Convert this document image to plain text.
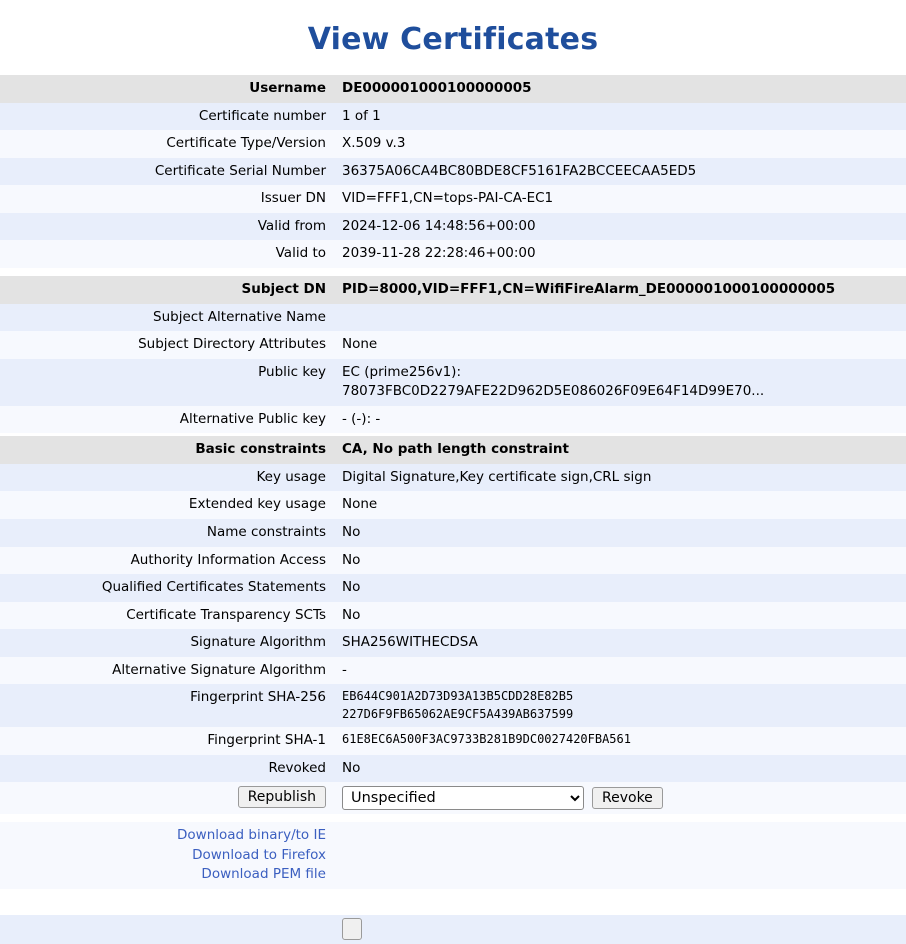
View Certificates
Username	DE000001000100000005
Certificate number	1 of 1
Certificate Type/Version	X.509 v.3
Certificate Serial Number	36375A06CA4BC80BDE8CF5161FA2BCCEECAA5ED5
Issuer DN	VID=FFF1,CN=tops-PAI-CA-EC1
Valid from	2024-12-06 14:48:56+00:00
Valid to	2039-11-28 22:28:46+00:00

Subject DN	PID=8000,VID=FFF1,CN=WifiFireAlarm_DE000001000100000005
Subject Alternative Name	
Subject Directory Attributes	None
Public key	EC (prime256v1):
78073FBC0D2279AFE22D962D5E086026F09E64F14D99E70...

Alternative Public key	- (-): -

Basic constraints	CA, No path length constraint
Key usage	Digital Signature,Key certificate sign,CRL sign
Extended key usage	None
Name constraints	No
Authority Information Access	No
Qualified Certificates Statements	No
Certificate Transparency SCTs	No
Signature Algorithm	SHA256WITHECDSA
Alternative Signature Algorithm	-
Fingerprint SHA-256	EB644C901A2D73D93A13B5CDD28E82B5
227D6F9FB65062AE9CF5A439AB637599

Fingerprint SHA-1	61E8EC6A500F3AC9733B281B9DC0027420FBA561
Revoked	No
Republish	
UnspecifiedRevoke

Download binary/to IE
Download to Firefox
Download PEM file	
